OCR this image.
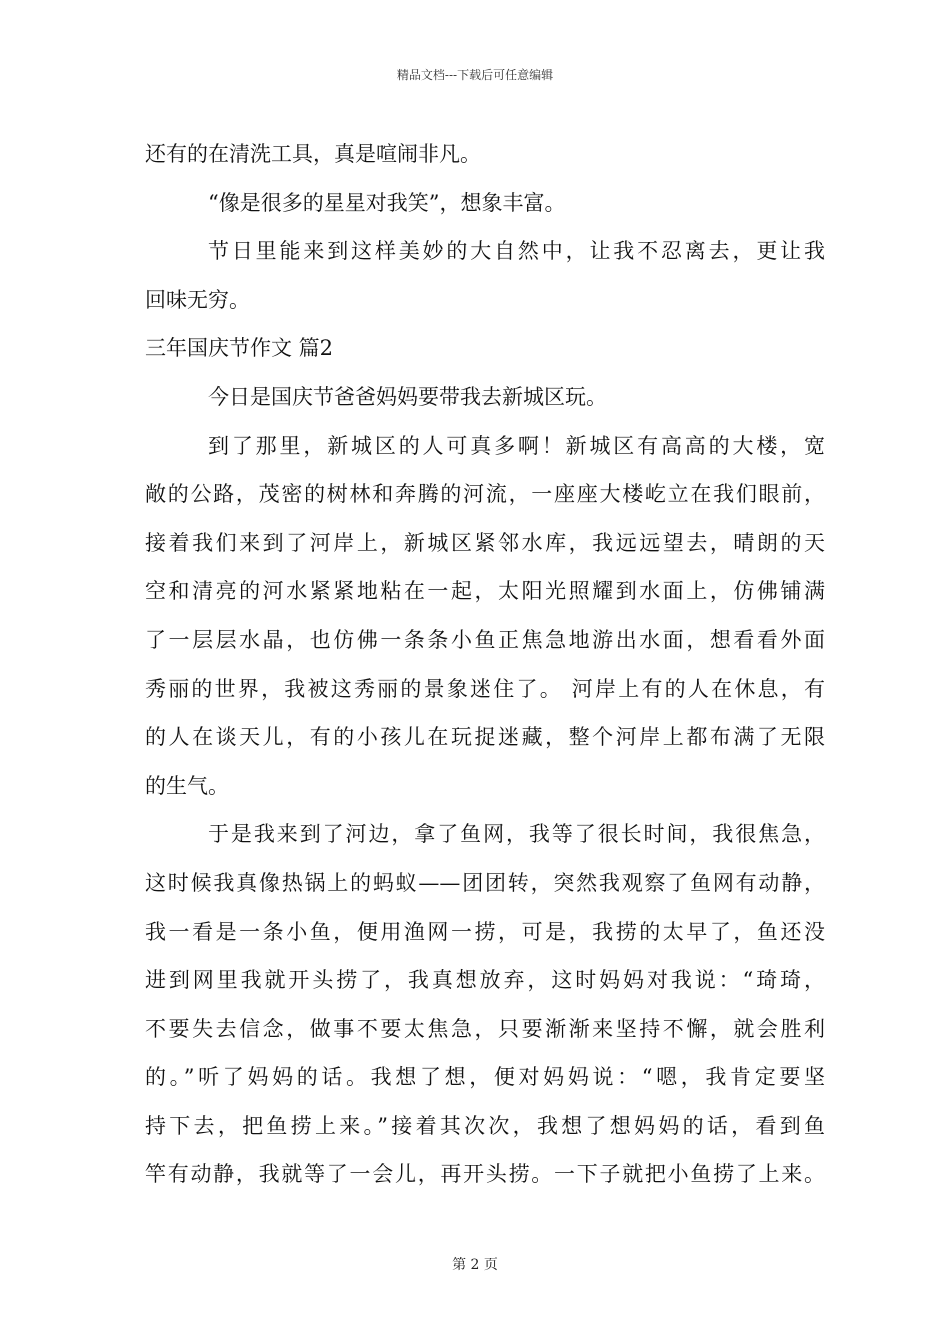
精品文档---下载后可任意编辑

还有的在清洗工具，真是喧闹非凡。

“像是很多的星星对我笑”，想象丰富。

节日里能来到这样美妙的大自然中，让我不忍离去，更让我

回味无穷。

三年国庆节作文 篇2

今日是国庆节爸爸妈妈要带我去新城区玩。

到了那里，新城区的人可真多啊！新城区有高高的大楼，宽

敞的公路，茂密的树林和奔腾的河流，一座座大楼屹立在我们眼前，

接着我们来到了河岸上，新城区紧邻水库，我远远望去，晴朗的天

空和清亮的河水紧紧地粘在一起，太阳光照耀到水面上，仿佛铺满

了一层层水晶，也仿佛一条条小鱼正焦急地游出水面，想看看外面

秀丽的世界，我被这秀丽的景象迷住了。 河岸上有的人在休息，有

的人在谈天儿，有的小孩儿在玩捉迷藏，整个河岸上都布满了无限

的生气。

于是我来到了河边，拿了鱼网，我等了很长时间，我很焦急，

这时候我真像热锅上的蚂蚁——团团转，突然我观察了鱼网有动静，

我一看是一条小鱼，便用渔网一捞，可是，我捞的太早了，鱼还没

进到网里我就开头捞了，我真想放弃，这时妈妈对我说：“琦琦，

不要失去信念，做事不要太焦急，只要渐渐来坚持不懈，就会胜利

的。”听了妈妈的话。我想了想，便对妈妈说：“嗯，我肯定要坚

持下去，把鱼捞上来。”接着其次次，我想了想妈妈的话，看到鱼

竿有动静，我就等了一会儿，再开头捞。一下子就把小鱼捞了上来。

第 2 页
